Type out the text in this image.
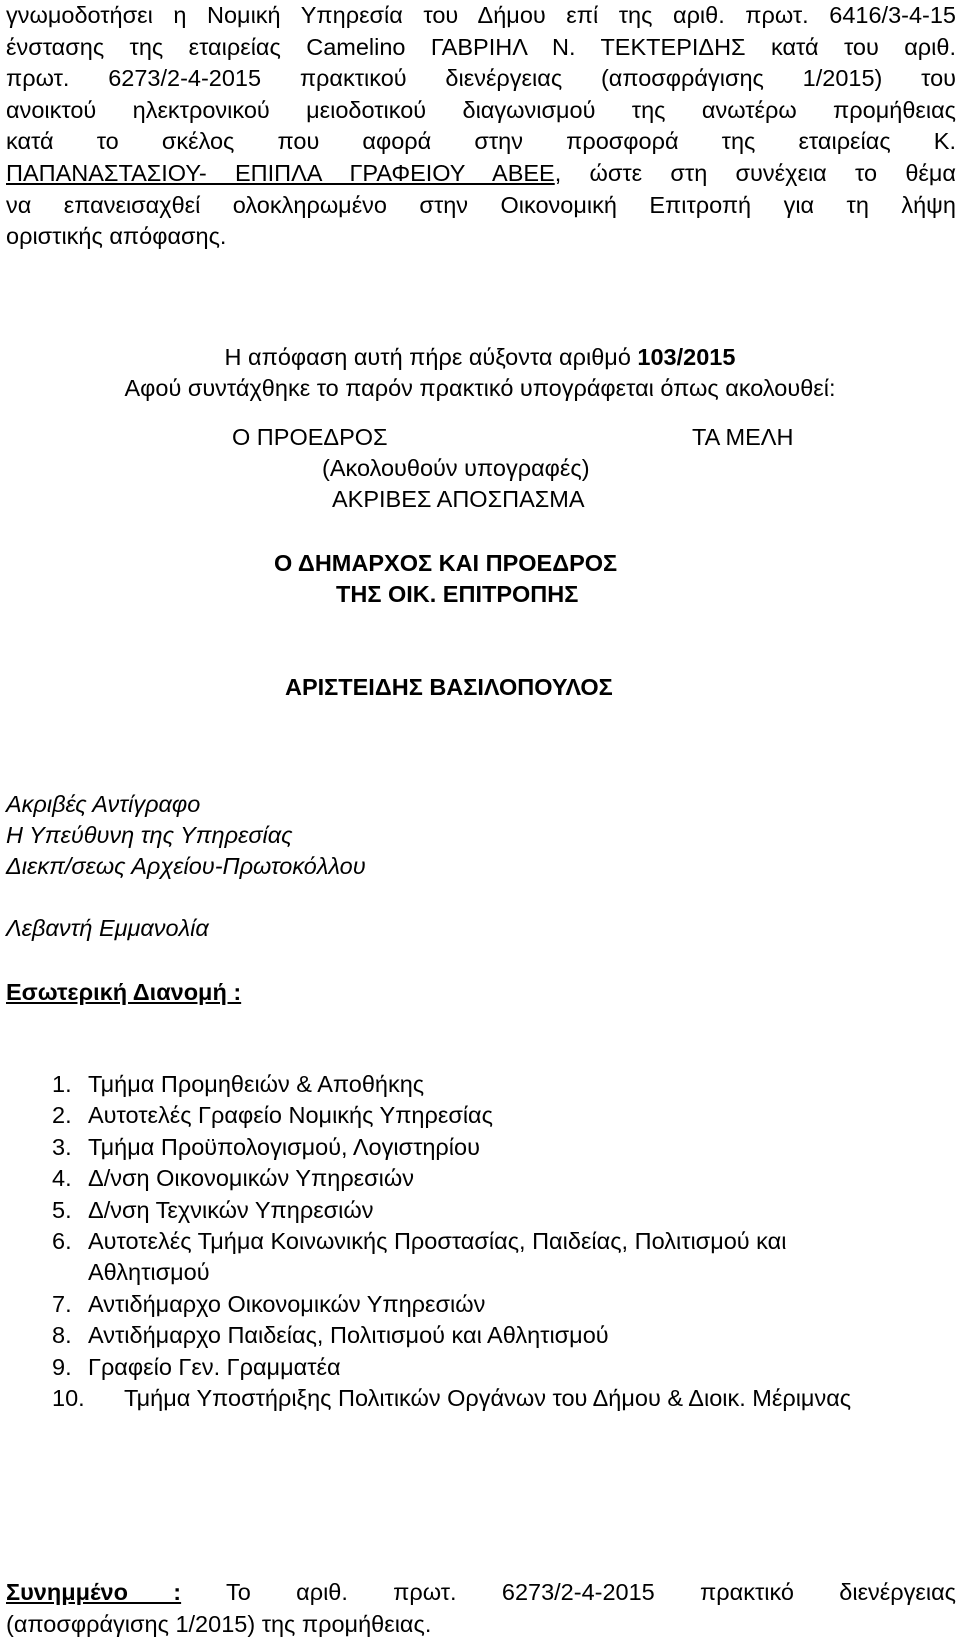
γνωμοδοτήσει η Νομική Υπηρεσία του Δήμου επί της αριθ. πρωτ. 6416/3-4-15
ένστασης της εταιρείας Camelino ΓΑΒΡΙΗΛ Ν. ΤΕΚΤΕΡΙΔΗΣ κατά του αριθ.
πρωτ. 6273/2-4-2015 πρακτικού διενέργειας (αποσφράγισης 1/2015) του
ανοικτού ηλεκτρονικού μειοδοτικού διαγωνισμού της ανωτέρω προμήθειας
κατά το σκέλος που αφορά στην προσφορά της εταιρείας Κ.
ΠΑΠΑΝΑΣΤΑΣΙΟΥ- ΕΠΙΠΛΑ ΓΡΑΦΕΙΟΥ ΑΒΕΕ, ώστε στη συνέχεια το θέμα
να επανεισαχθεί ολοκληρωμένο στην Οικονομική Επιτροπή για τη λήψη
οριστικής απόφασης.
Η απόφαση αυτή πήρε αύξοντα αριθμό 103/2015
Αφού συντάχθηκε το παρόν πρακτικό υπογράφεται όπως ακολουθεί:
Ο ΠΡΟΕΔΡΟΣ	ΤΑ ΜΕΛΗ
(Ακολουθούν υπογραφές)
ΑΚΡΙΒΕΣ ΑΠΟΣΠΑΣΜΑ
Ο ΔΗΜΑΡΧΟΣ ΚΑΙ ΠΡΟΕΔΡΟΣ
ΤΗΣ ΟΙΚ. ΕΠΙΤΡΟΠΗΣ
ΑΡΙΣΤΕΙΔΗΣ ΒΑΣΙΛΟΠΟΥΛΟΣ
Ακριβές Αντίγραφο
Η Υπεύθυνη της Υπηρεσίας
Διεκπ/σεως Αρχείου-Πρωτοκόλλου
Λεβαντή Εμμανολία
Εσωτερική Διανομή :
1. Τμήμα Προμηθειών & Αποθήκης
2. Αυτοτελές Γραφείο Νομικής Υπηρεσίας
3. Τμήμα Προϋπολογισμού, Λογιστηρίου
4. Δ/νση Οικονομικών Υπηρεσιών
5. Δ/νση Τεχνικών Υπηρεσιών
6. Αυτοτελές Τμήμα Κοινωνικής Προστασίας, Παιδείας, Πολιτισμού και Αθλητισμού
7. Αντιδήμαρχο Οικονομικών Υπηρεσιών
8. Αντιδήμαρχο Παιδείας, Πολιτισμού και Αθλητισμού
9. Γραφείο Γεν. Γραμματέα
10. Τμήμα Υποστήριξης Πολιτικών Οργάνων του Δήμου & Διοικ. Μέριμνας
Συνημμένο : Το αριθ. πρωτ. 6273/2-4-2015 πρακτικό διενέργειας
(αποσφράγισης 1/2015) της προμήθειας.
